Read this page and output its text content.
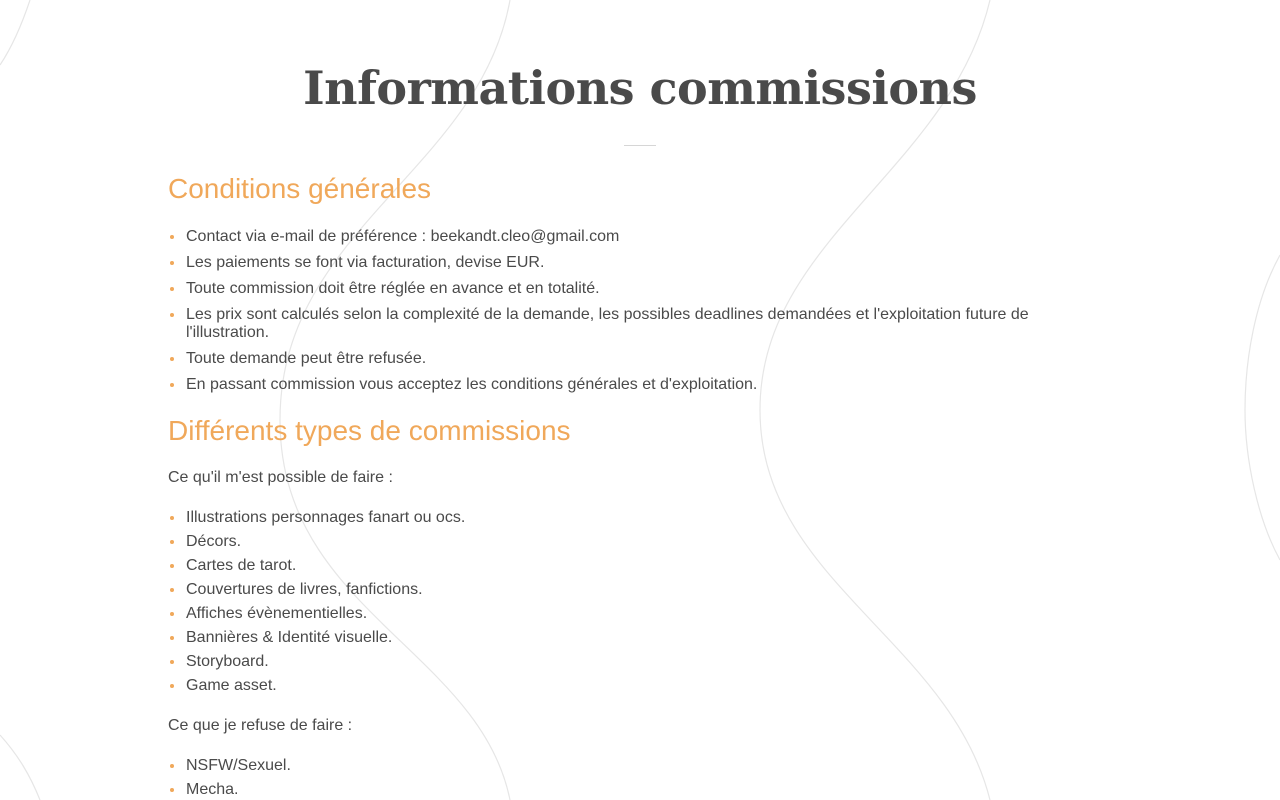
Informations commissions
Conditions générales
Contact via e-mail de préférence : beekandt.cleo@gmail.com
Les paiements se font via facturation, devise EUR.
Toute commission doit être réglée en avance et en totalité.
Les prix sont calculés selon la complexité de la demande, les possibles deadlines demandées et l'exploitation future de l'illustration.
Toute demande peut être refusée.
En passant commission vous acceptez les conditions générales et d'exploitation.
Différents types de commissions

Ce qu'il m'est possible de faire :

Illustrations personnages fanart ou ocs.
Décors.
Cartes de tarot.
Couvertures de livres, fanfictions.
Affiches évènementielles.
Bannières & Identité visuelle.
Storyboard.
Game asset.

Ce que je refuse de faire :

NSFW/Sexuel.
Mecha.
